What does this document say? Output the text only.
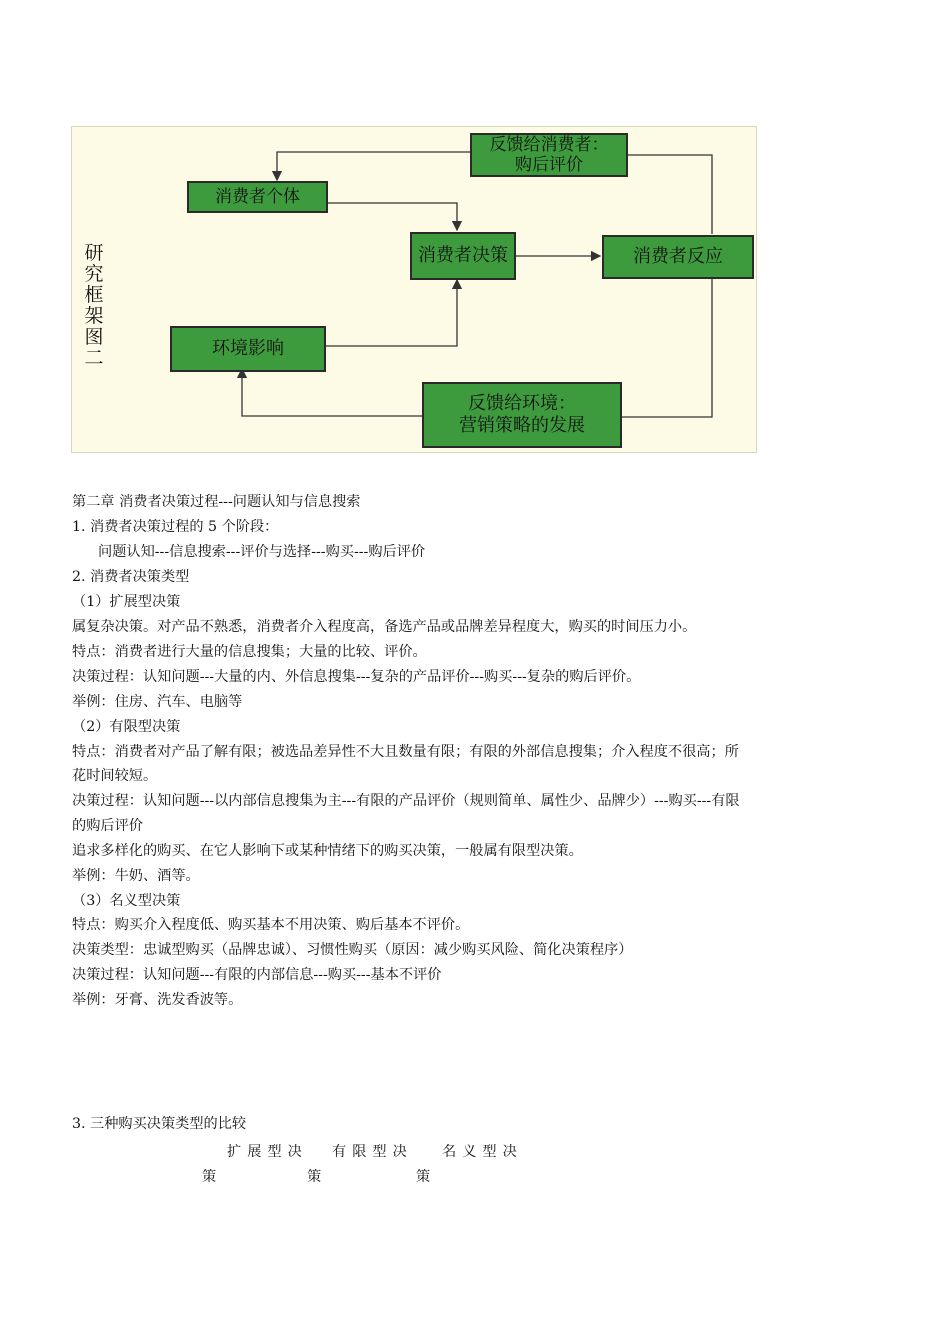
研
究
框
架
图
二
反馈给消费者：
购后评价
消费者个体
消费者决策	消费者反应
环境影响
反馈给环境：
营销策略的发展
第二章 消费者决策过程---问题认知与信息搜索
1. 消费者决策过程的 5 个阶段：
问题认知---信息搜索---评价与选择---购买---购后评价
2. 消费者决策类型
（1）扩展型决策
属复杂决策。对产品不熟悉，消费者介入程度高，备选产品或品牌差异程度大，购买的时间压力小。
特点：消费者进行大量的信息搜集；大量的比较、评价。
决策过程：认知问题---大量的内、外信息搜集---复杂的产品评价---购买---复杂的购后评价。
举例：住房、汽车、电脑等
（2）有限型决策
特点：消费者对产品了解有限；被选品差异性不大且数量有限；有限的外部信息搜集；介入程度不很高；所
花时间较短。
决策过程：认知问题---以内部信息搜集为主---有限的产品评价（规则简单、属性少、品牌少）---购买---有限
的购后评价
追求多样化的购买、在它人影响下或某种情绪下的购买决策，一般属有限型决策。
举例：牛奶、酒等。
（3）名义型决策
特点：购买介入程度低、购买基本不用决策、购后基本不评价。
决策类型：忠诚型购买（品牌忠诚）、习惯性购买（原因：减少购买风险、简化决策程序）
决策过程：认知问题---有限的内部信息---购买---基本不评价
举例：牙膏、洗发香波等。
3. 三种购买决策类型的比较
扩展型决 有限型决 名义型决
策	策	策
